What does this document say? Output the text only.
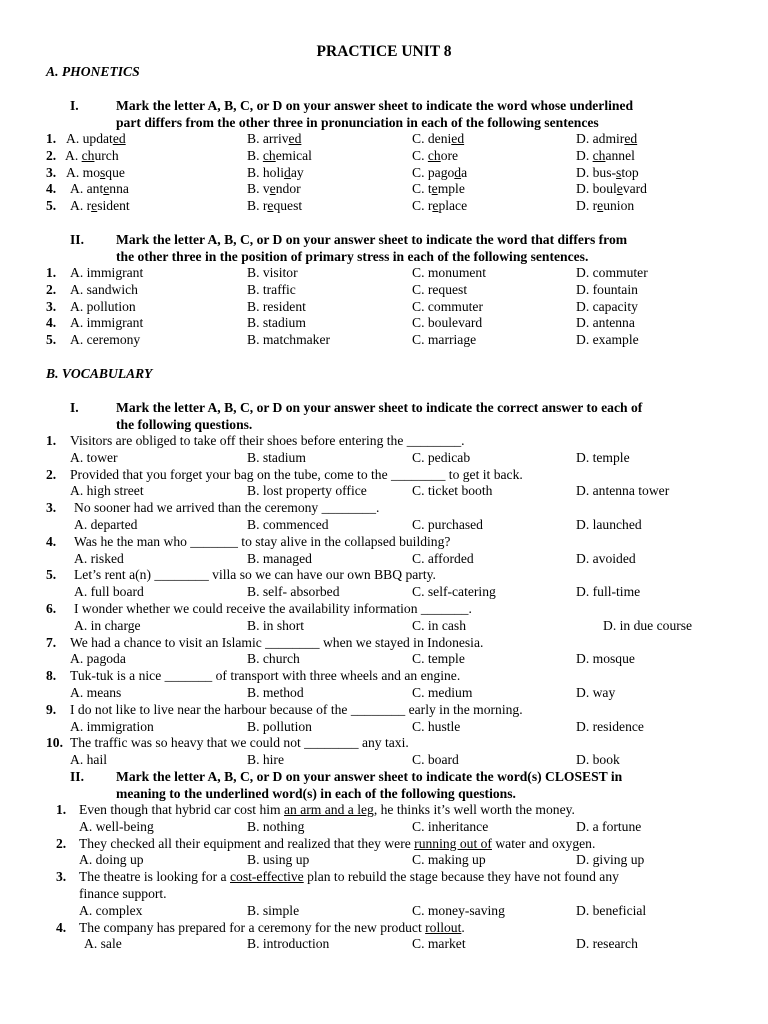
PRACTICE UNIT 8
A. PHONETICS
I.	Mark the letter A, B, C, or D on your answer sheet to indicate the word whose underlined
part differs from the other three in pronunciation in each of the following sentences
1. A. updated	B. arrived	C. denied	D. admired
2. A. church	B. chemical	C. chore	D. channel
3. A. mosque	B. holiday	C. pagoda	D. bus-stop
4. A. antenna	B. vendor	C. temple	D. boulevard
5. A. resident	B. request	C. replace	D. reunion
II. Mark the letter A, B, C, or D on your answer sheet to indicate the word that differs from
the other three in the position of primary stress in each of the following sentences.
1. A. immigrant	B. visitor	C. monument	D. commuter
2. A. sandwich	B. traffic	C. request	D. fountain
3. A. pollution	B. resident	C. commuter	D. capacity
4. A. immigrant	B. stadium	C. boulevard	D. antenna
5. A. ceremony	B. matchmaker	C. marriage	D. example
B. VOCABULARY
I.	Mark the letter A, B, C, or D on your answer sheet to indicate the correct answer to each of
the following questions.
1. Visitors are obliged to take off their shoes before entering the ________.
A. tower	B. stadium	C. pedicab	D. temple
2. Provided that you forget your bag on the tube, come to the ________ to get it back.
A. high street	B. lost property office	C. ticket booth	D. antenna tower
3. No sooner had we arrived than the ceremony ________.
A. departed	B. commenced	C. purchased	D. launched
4. Was he the man who _______ to stay alive in the collapsed building?
A. risked	B. managed	C. afforded	D. avoided
5. Let’s rent a(n) ________ villa so we can have our own BBQ party.
A. full board	B. self- absorbed	C. self-catering	D. full-time
6. I wonder whether we could receive the availability information _______.
A. in charge	B. in short	C. in cash	D. in due course
7. We had a chance to visit an Islamic ________ when we stayed in Indonesia.
A. pagoda	B. church	C. temple	D. mosque
8. Tuk-tuk is a nice _______ of transport with three wheels and an engine.
A. means	B. method	C. medium	D. way
9. I do not like to live near the harbour because of the ________ early in the morning.
A. immigration	B. pollution	C. hustle	D. residence
10. The traffic was so heavy that we could not ________ any taxi.
A. hail	B. hire	C. board	D. book
II. Mark the letter A, B, C, or D on your answer sheet to indicate the word(s) CLOSEST in
meaning to the underlined word(s) in each of the following questions.
1. Even though that hybrid car cost him an arm and a leg, he thinks it’s well worth the money.
A. well-being	B. nothing	C. inheritance	D. a fortune
2. They checked all their equipment and realized that they were running out of water and oxygen.
A. doing up	B. using up	C. making up	D. giving up
3. The theatre is looking for a cost-effective plan to rebuild the stage because they have not found any
finance support.
A. complex	B. simple	C. money-saving	D. beneficial
4. The company has prepared for a ceremony for the new product rollout.
A. sale	B. introduction	C. market	D. research
